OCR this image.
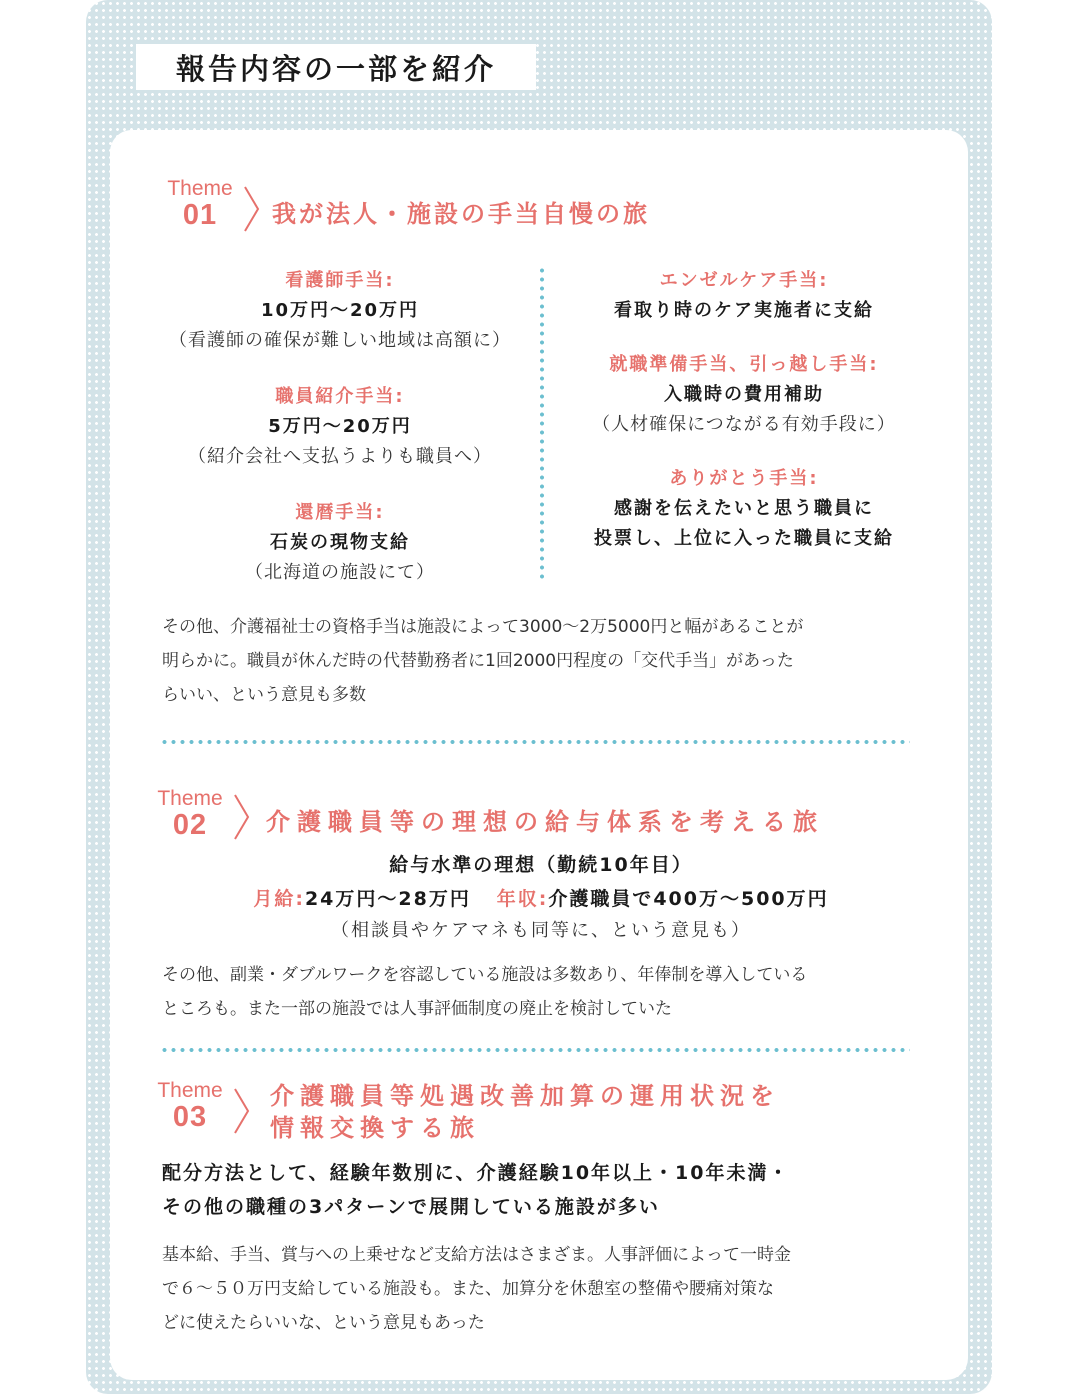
報告内容の一部を紹介
Theme
01	我が法人・施設の手当自慢の旅
看護師手当:
10万円〜20万円
（看護師の確保が難しい地域は高額に）
職員紹介手当:
5万円〜20万円
（紹介会社へ支払うよりも職員へ）
還暦手当:
石炭の現物支給
（北海道の施設にて）
エンゼルケア手当:
看取り時のケア実施者に支給
就職準備手当、引っ越し手当:
入職時の費用補助
（人材確保につながる有効手段に）
ありがとう手当:
感謝を伝えたいと思う職員に
投票し、上位に入った職員に支給
その他、介護福祉士の資格手当は施設によって3000〜2万5000円と幅があることが
明らかに。職員が休んだ時の代替勤務者に1回2000円程度の「交代手当」があった
らいい、という意見も多数
Theme
02	介護職員等の理想の給与体系を考える旅
給与水準の理想（勤続10年目）
月給:24万円〜28万円 年収:介護職員で400万〜500万円
（相談員やケアマネも同等に、という意見も）
その他、副業・ダブルワークを容認している施設は多数あり、年俸制を導入している
ところも。また一部の施設では人事評価制度の廃止を検討していた
Theme
03
介護職員等処遇改善加算の運用状況を
情報交換する旅
配分方法として、経験年数別に、介護経験10年以上・10年未満・
その他の職種の3パターンで展開している施設が多い
基本給、手当、賞与への上乗せなど支給方法はさまざま。人事評価によって一時金
で６〜５０万円支給している施設も。また、加算分を休憩室の整備や腰痛対策な
どに使えたらいいな、という意見もあった
